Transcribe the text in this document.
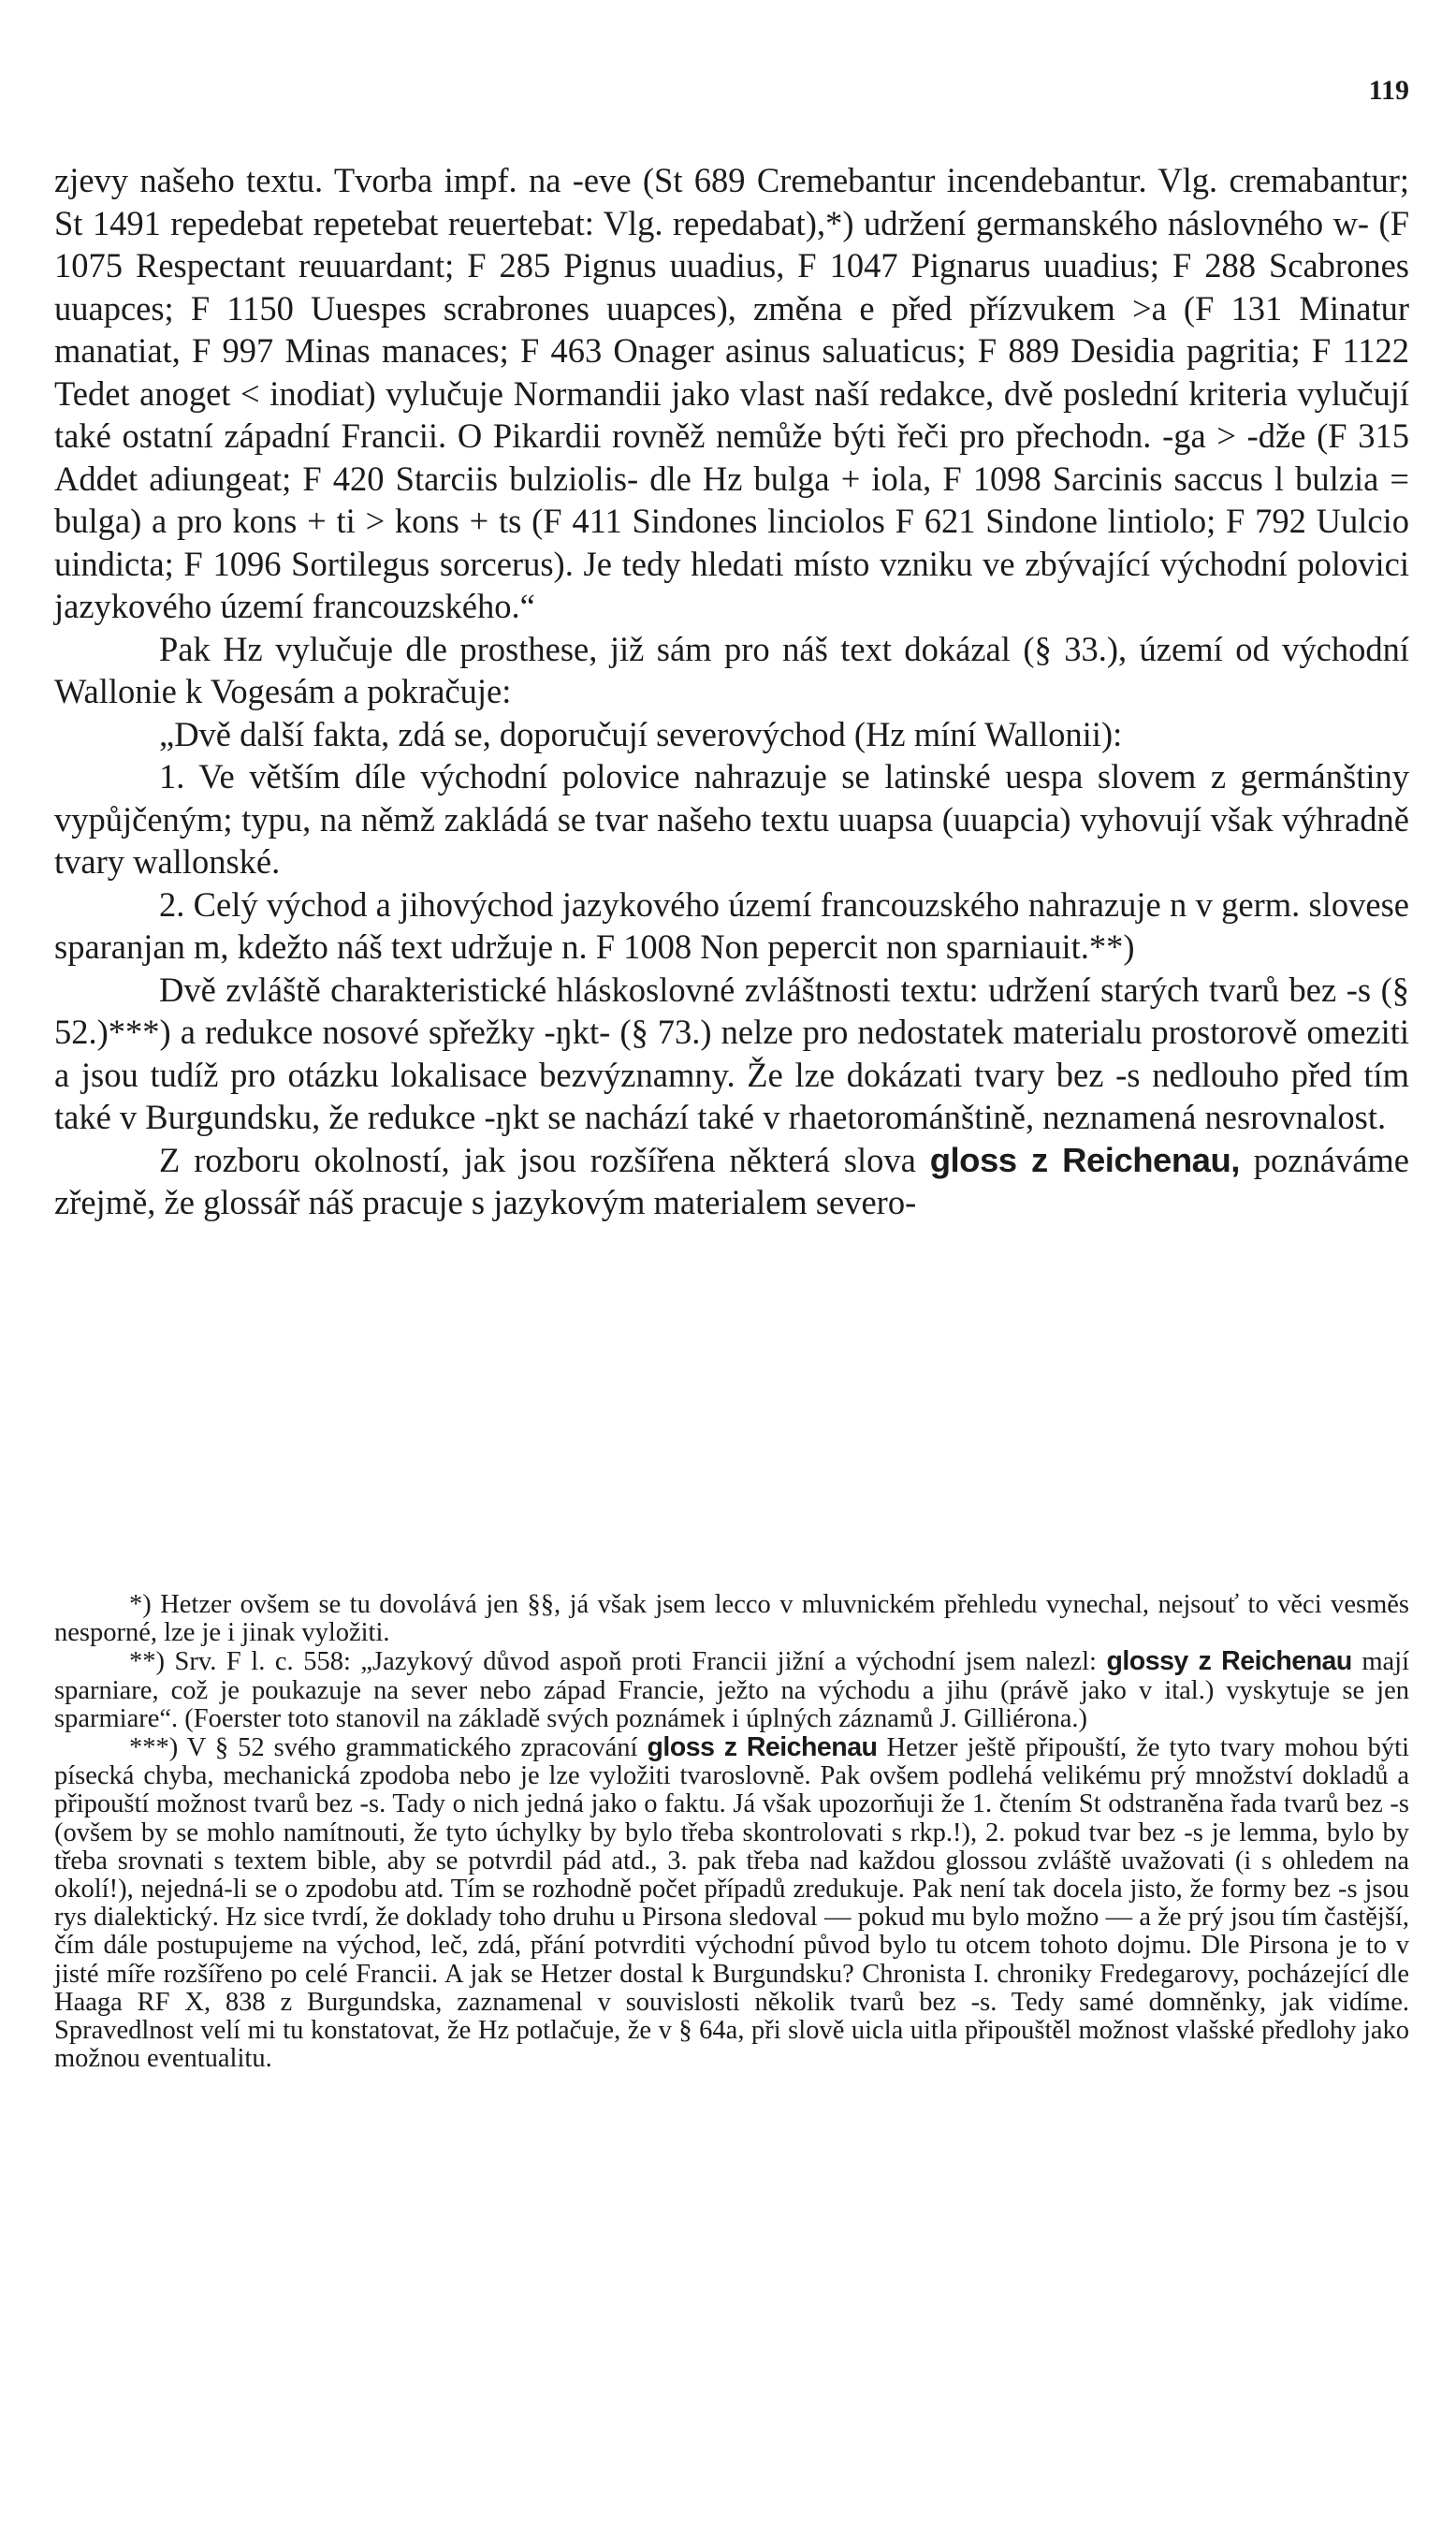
119

zjevy našeho textu. Tvorba impf. na -eve (St 689 Cremebantur incendebantur. Vlg. cremabantur; St 1491 repedebat repetebat reuertebat: Vlg. repedabat),*) udržení germanského náslovného w- (F 1075 Respectant reuuardant; F 285 Pignus uuadius, F 1047 Pignarus uuadius; F 288 Scabrones uuapces; F 1150 Uuespes scrabrones uuapces), změna e před přízvukem >a (F 131 Minatur manatiat, F 997 Minas manaces; F 463 Onager asinus saluaticus; F 889 Desidia pagritia; F 1122 Tedet anoget < inodiat) vylučuje Normandii jako vlast naší redakce, dvě poslední kriteria vylučují také ostatní západní Francii. O Pikardii rovněž nemůže býti řeči pro přechodn. -ga > -dže (F 315 Addet adiungeat; F 420 Starciis bulziolis- dle Hz bulga + iola, F 1098 Sarcinis saccus l bulzia = bulga) a pro kons + ti > kons + ts (F 411 Sindones linciolos F 621 Sindone lintiolo; F 792 Uulcio uindicta; F 1096 Sortilegus sorcerus). Je tedy hledati místo vzniku ve zbývající východní polovici jazykového území francouzského.“

Pak Hz vylučuje dle prosthese, již sám pro náš text dokázal (§ 33.), území od východní Wallonie k Vogesám a pokračuje:

„Dvě další fakta, zdá se, doporučují severovýchod (Hz míní Wallonii):

1. Ve větším díle východní polovice nahrazuje se latinské uespa slovem z germánštiny vypůjčeným; typu, na němž zakládá se tvar našeho textu uuapsa (uuapcia) vyhovují však výhradně tvary wallonské.

2. Celý východ a jihovýchod jazykového území francouzského nahrazuje n v germ. slovese sparanjan m, kdežto náš text udržuje n. F 1008 Non pepercit non sparniauit.**)

Dvě zvláště charakteristické hláskoslovné zvláštnosti textu: udržení starých tvarů bez -s (§ 52.)***) a redukce nosové spřežky -ŋkt- (§ 73.) nelze pro nedostatek materialu prostorově omeziti a jsou tudíž pro otázku lokalisace bezvýznamny. Že lze dokázati tvary bez -s nedlouho před tím také v Burgundsku, že redukce -ŋkt se nachází také v rhaetorománštině, neznamená nesrovnalost.

Z rozboru okolností, jak jsou rozšířena některá slova gloss z Reichenau, poznáváme zřejmě, že glossář náš pracuje s jazykovým materialem severo-

*) Hetzer ovšem se tu dovolává jen §§, já však jsem lecco v mluvnickém přehledu vynechal, nejsouť to věci vesměs nesporné, lze je i jinak vyložiti.

**) Srv. F l. c. 558: „Jazykový důvod aspoň proti Francii jižní a východní jsem nalezl: glossy z Reichenau mají sparniare, což je poukazuje na sever nebo západ Francie, ježto na východu a jihu (právě jako v ital.) vyskytuje se jen sparmiare“. (Foerster toto stanovil na základě svých poznámek i úplných záznamů J. Gilliérona.)

***) V § 52 svého grammatického zpracování gloss z Reichenau Hetzer ještě připouští, že tyto tvary mohou býti písecká chyba, mechanická zpodoba nebo je lze vyložiti tvaroslovně. Pak ovšem podlehá velikému prý množství dokladů a připouští možnost tvarů bez -s. Tady o nich jedná jako o faktu. Já však upozorňuji že 1. čtením St odstraněna řada tvarů bez -s (ovšem by se mohlo namítnouti, že tyto úchylky by bylo třeba skontrolovati s rkp.!), 2. pokud tvar bez -s je lemma, bylo by třeba srovnati s textem bible, aby se potvrdil pád atd., 3. pak třeba nad každou glossou zvláště uvažovati (i s ohledem na okolí!), nejedná-li se o zpodobu atd. Tím se rozhodně počet případů zredukuje. Pak není tak docela jisto, že formy bez -s jsou rys dialektický. Hz sice tvrdí, že doklady toho druhu u Pirsona sledoval — pokud mu bylo možno — a že prý jsou tím častější, čím dále postupujeme na východ, leč, zdá, přání potvrditi východní původ bylo tu otcem tohoto dojmu. Dle Pirsona je to v jisté míře rozšířeno po celé Francii. A jak se Hetzer dostal k Burgundsku? Chronista I. chroniky Fredegarovy, pocházející dle Haaga RF X, 838 z Burgundska, zaznamenal v souvislosti několik tvarů bez -s. Tedy samé domněnky, jak vidíme. Spravedlnost velí mi tu konstatovat, že Hz potlačuje, že v § 64a, při slově uicla uitla připouštěl možnost vlašské předlohy jako možnou eventualitu.
